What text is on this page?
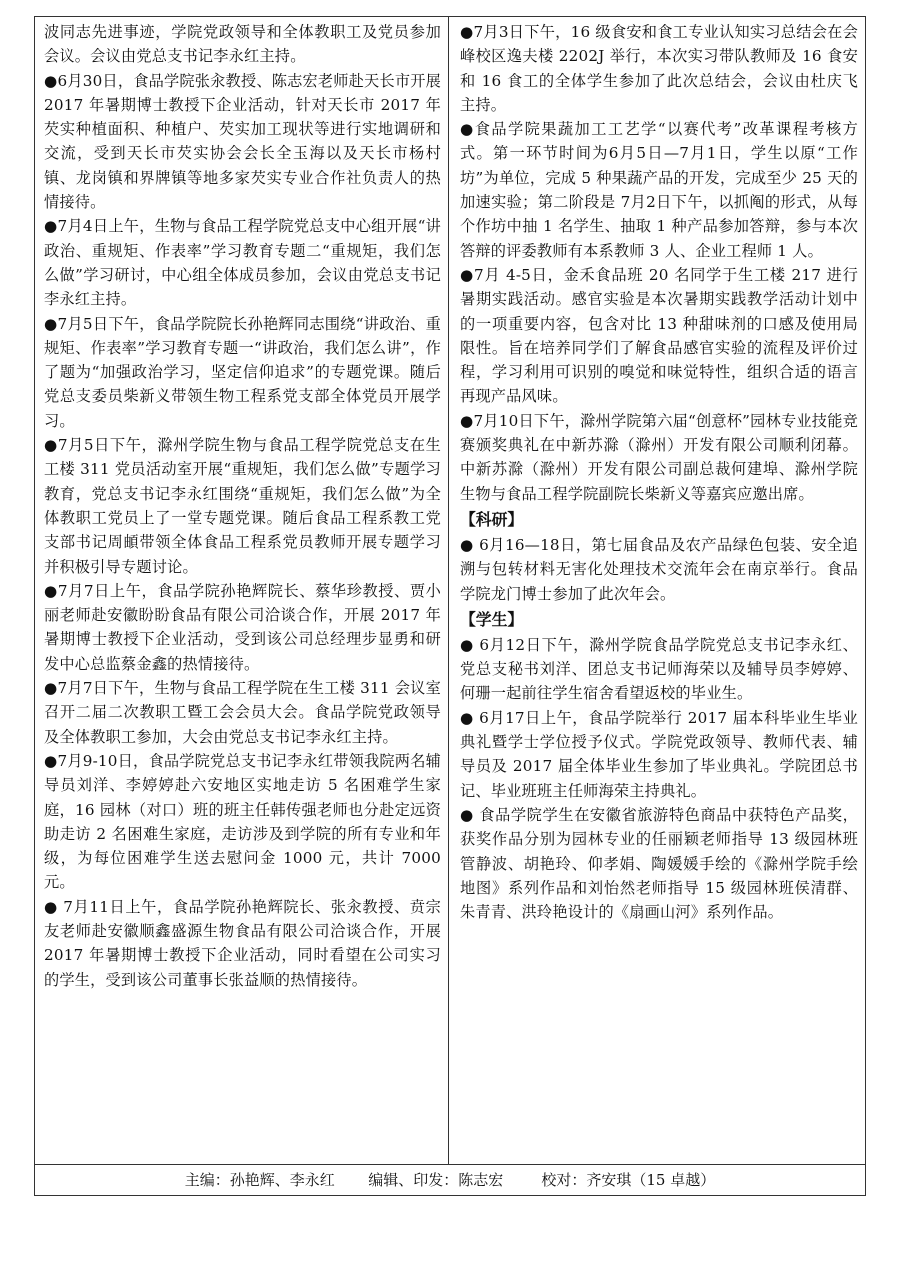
波同志先进事迹，学院党政领导和全体教职工及党员参加会议。会议由党总支书记李永红主持。

●6月30日，食品学院张汆教授、陈志宏老师赴天长市开展 2017 年暑期博士教授下企业活动，针对天长市 2017 年芡实种植面积、种植户、芡实加工现状等进行实地调研和交流，受到天长市芡实协会会长全玉海以及天长市杨村镇、龙岗镇和界牌镇等地多家芡实专业合作社负责人的热情接待。

●7月4日上午，生物与食品工程学院党总支中心组开展“讲政治、重规矩、作表率”学习教育专题二“重规矩，我们怎么做”学习研讨，中心组全体成员参加，会议由党总支书记李永红主持。

●7月5日下午，食品学院院长孙艳辉同志围绕“讲政治、重规矩、作表率”学习教育专题一“讲政治，我们怎么讲”，作了题为“加强政治学习，坚定信仰追求”的专题党课。随后党总支委员柴新义带领生物工程系党支部全体党员开展学习。

●7月5日下午，滁州学院生物与食品工程学院党总支在生工楼 311 党员活动室开展“重规矩，我们怎么做”专题学习教育，党总支书记李永红围绕“重规矩，我们怎么做”为全体教职工党员上了一堂专题党课。随后食品工程系教工党支部书记周頔带领全体食品工程系党员教师开展专题学习并积极引导专题讨论。

●7月7日上午，食品学院孙艳辉院长、蔡华珍教授、贾小丽老师赴安徽盼盼食品有限公司洽谈合作，开展 2017 年暑期博士教授下企业活动，受到该公司总经理步显勇和研发中心总监蔡金鑫的热情接待。

●7月7日下午，生物与食品工程学院在生工楼 311 会议室召开二届二次教职工暨工会会员大会。食品学院党政领导及全体教职工参加，大会由党总支书记李永红主持。

●7月9-10日，食品学院党总支书记李永红带领我院两名辅导员刘洋、李婷婷赴六安地区实地走访 5 名困难学生家庭，16 园林（对口）班的班主任韩传强老师也分赴定远资助走访 2 名困难生家庭，走访涉及到学院的所有专业和年级，为每位困难学生送去慰问金 1000 元，共计 7000 元。

● 7月11日上午，食品学院孙艳辉院长、张汆教授、贲宗友老师赴安徽顺鑫盛源生物食品有限公司洽谈合作，开展 2017 年暑期博士教授下企业活动，同时看望在公司实习的学生，受到该公司董事长张益顺的热情接待。

●7月3日下午，16 级食安和食工专业认知实习总结会在会峰校区逸夫楼 2202J 举行，本次实习带队教师及 16 食安和 16 食工的全体学生参加了此次总结会，会议由杜庆飞主持。

●食品学院果蔬加工工艺学“以赛代考”改革课程考核方式。第一环节时间为6月5日—7月1日，学生以原“工作坊”为单位，完成 5 种果蔬产品的开发，完成至少 25 天的加速实验；第二阶段是 7月2日下午，以抓阄的形式，从每个作坊中抽 1 名学生、抽取 1 种产品参加答辩，参与本次答辩的评委教师有本系教师 3 人、企业工程师 1 人。

●7月 4-5日，金禾食品班 20 名同学于生工楼 217 进行暑期实践活动。感官实验是本次暑期实践教学活动计划中的一项重要内容，包含对比 13 种甜味剂的口感及使用局限性。旨在培养同学们了解食品感官实验的流程及评价过程，学习利用可识别的嗅觉和味觉特性，组织合适的语言再现产品风味。

●7月10日下午，滁州学院第六届“创意杯”园林专业技能竞赛颁奖典礼在中新苏滁（滁州）开发有限公司顺利闭幕。中新苏滁（滁州）开发有限公司副总裁何建埠、滁州学院生物与食品工程学院副院长柴新义等嘉宾应邀出席。

【科研】

● 6月16—18日，第七届食品及农产品绿色包装、安全追溯与包转材料无害化处理技术交流年会在南京举行。食品学院龙门博士参加了此次年会。

【学生】

● 6月12日下午，滁州学院食品学院党总支书记李永红、党总支秘书刘洋、团总支书记师海荣以及辅导员李婷婷、何珊一起前往学生宿舍看望返校的毕业生。

● 6月17日上午，食品学院举行 2017 届本科毕业生毕业典礼暨学士学位授予仪式。学院党政领导、教师代表、辅导员及 2017 届全体毕业生参加了毕业典礼。学院团总书记、毕业班班主任师海荣主持典礼。

● 食品学院学生在安徽省旅游特色商品中获特色产品奖，获奖作品分别为园林专业的任丽颖老师指导 13 级园林班管静波、胡艳玲、仰孝娟、陶媛媛手绘的《滁州学院手绘地图》系列作品和刘怡然老师指导 15 级园林班侯清群、朱青青、洪玲艳设计的《扇画山河》系列作品。

主编：孙艳辉、李永红 编辑、印发：陈志宏	校对：齐安琪（15 卓越）
